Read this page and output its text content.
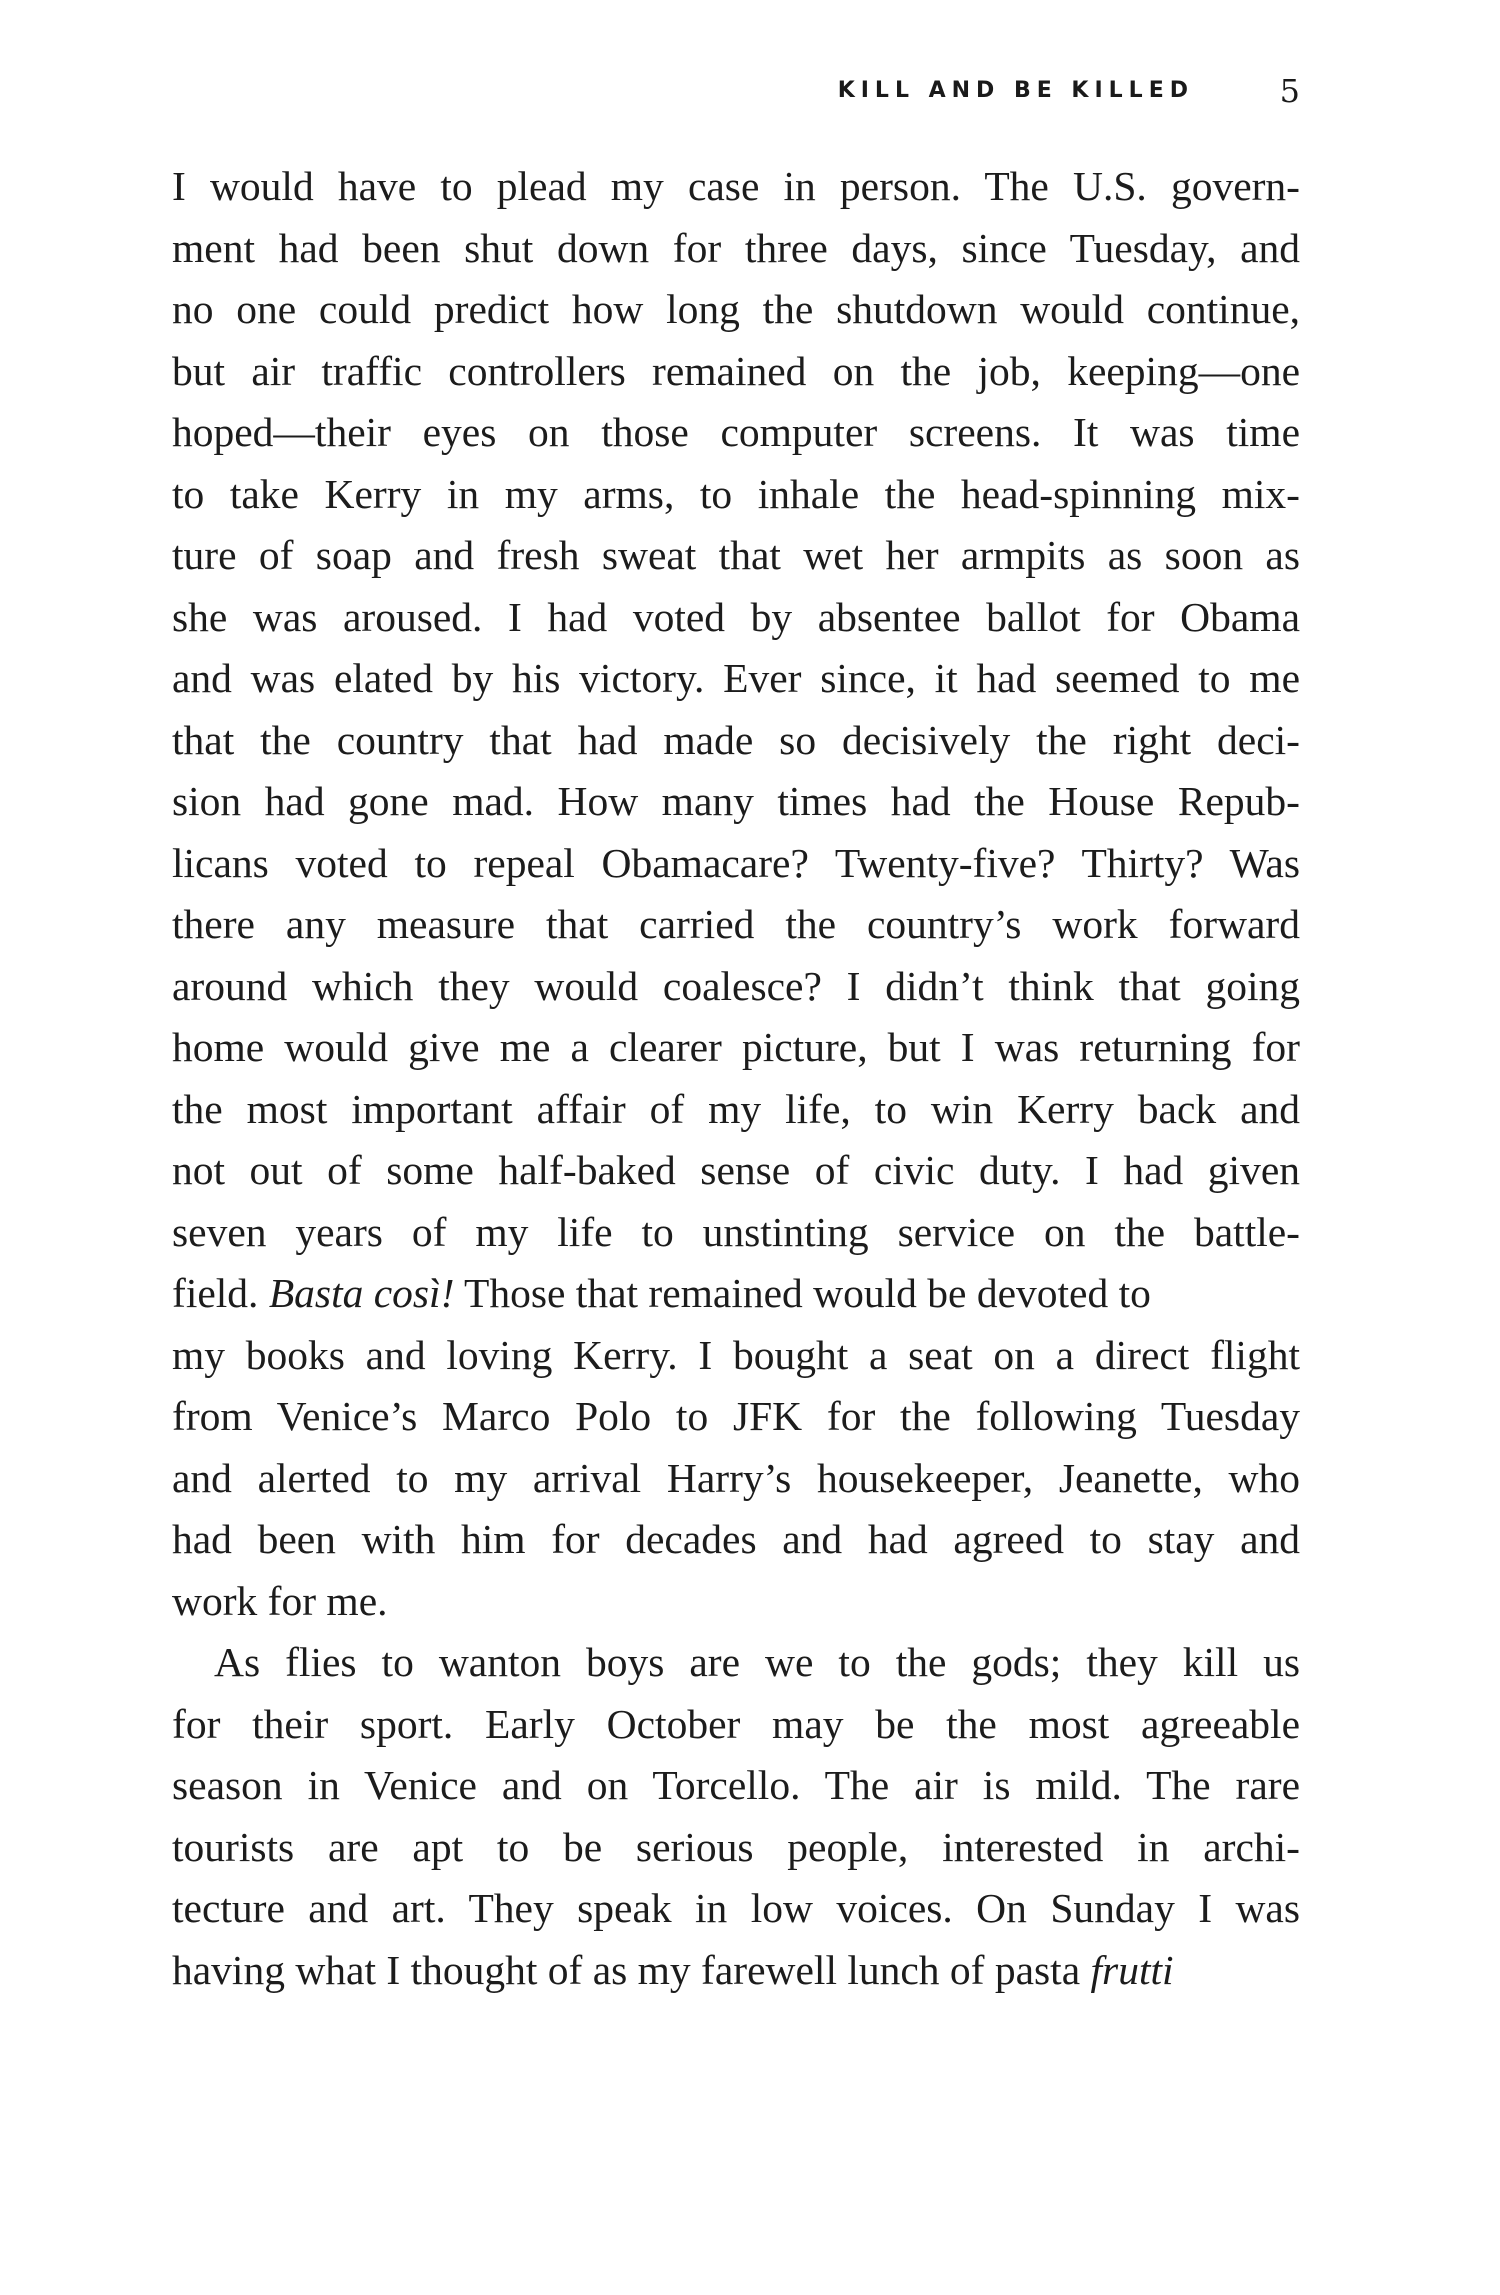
KILL AND BE KILLED	5
I would have to plead my case in person. The U.S. govern-
ment had been shut down for three days, since Tuesday, and
no one could predict how long the shutdown would continue,
but air traffic controllers remained on the job, keeping—one
hoped—their eyes on those computer screens. It was time
to take Kerry in my arms, to inhale the head-spinning mix-
ture of soap and fresh sweat that wet her armpits as soon as
she was aroused. I had voted by absentee ballot for Obama
and was elated by his victory. Ever since, it had seemed to me
that the country that had made so decisively the right deci-
sion had gone mad. How many times had the House Repub-
licans voted to repeal Obamacare? Twenty-five? Thirty? Was
there any measure that carried the country’s work forward
around which they would coalesce? I didn’t think that going
home would give me a clearer picture, but I was returning for
the most important affair of my life, to win Kerry back and
not out of some half-baked sense of civic duty. I had given
seven years of my life to unstinting service on the battle-
field. Basta così! Those that remained would be devoted to
my books and loving Kerry. I bought a seat on a direct flight
from Venice’s Marco Polo to JFK for the following Tuesday
and alerted to my arrival Harry’s housekeeper, Jeanette, who
had been with him for decades and had agreed to stay and
work for me.
As flies to wanton boys are we to the gods; they kill us
for their sport. Early October may be the most agreeable
season in Venice and on Torcello. The air is mild. The rare
tourists are apt to be serious people, interested in archi-
tecture and art. They speak in low voices. On Sunday I was
having what I thought of as my farewell lunch of pasta frutti
